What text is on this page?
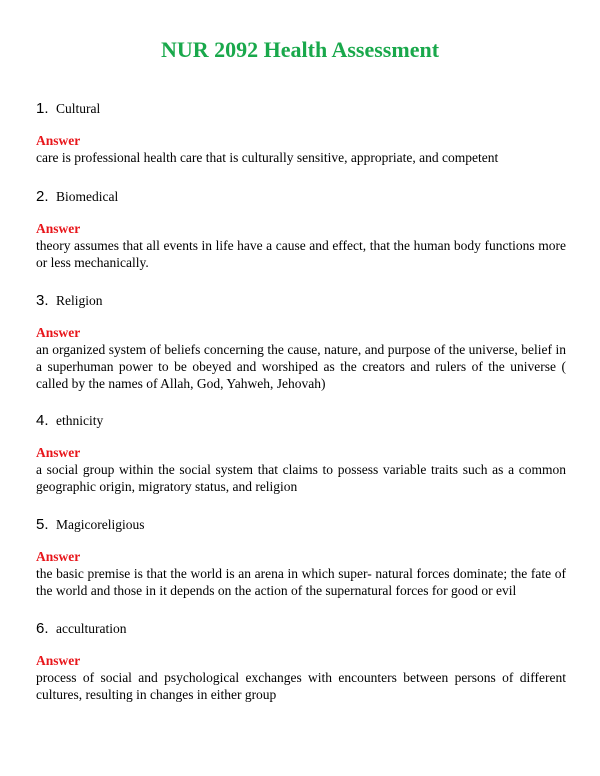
NUR 2092 Health Assessment
1. Cultural
Answer
care is professional health care that is culturally sensitive, appropriate, and competent
2. Biomedical
Answer
theory assumes that all events in life have a cause and effect, that the human body functions more or less mechanically.
3. Religion
Answer
an organized system of beliefs concerning the cause, nature, and purpose of the universe, belief in a superhuman power to be obeyed and worshiped as the creators and rulers of the universe ( called by the names of Allah, God, Yahweh, Jehovah)
4. ethnicity
Answer
a social group within the social system that claims to possess variable traits such as a common geographic origin, migratory status, and religion
5. Magicoreligious
Answer
the basic premise is that the world is an arena in which super- natural forces dominate; the fate of the world and those in it depends on the action of the supernatural forces for good or evil
6. acculturation
Answer
process of social and psychological exchanges with encounters between persons of different cultures, resulting in changes in either group
